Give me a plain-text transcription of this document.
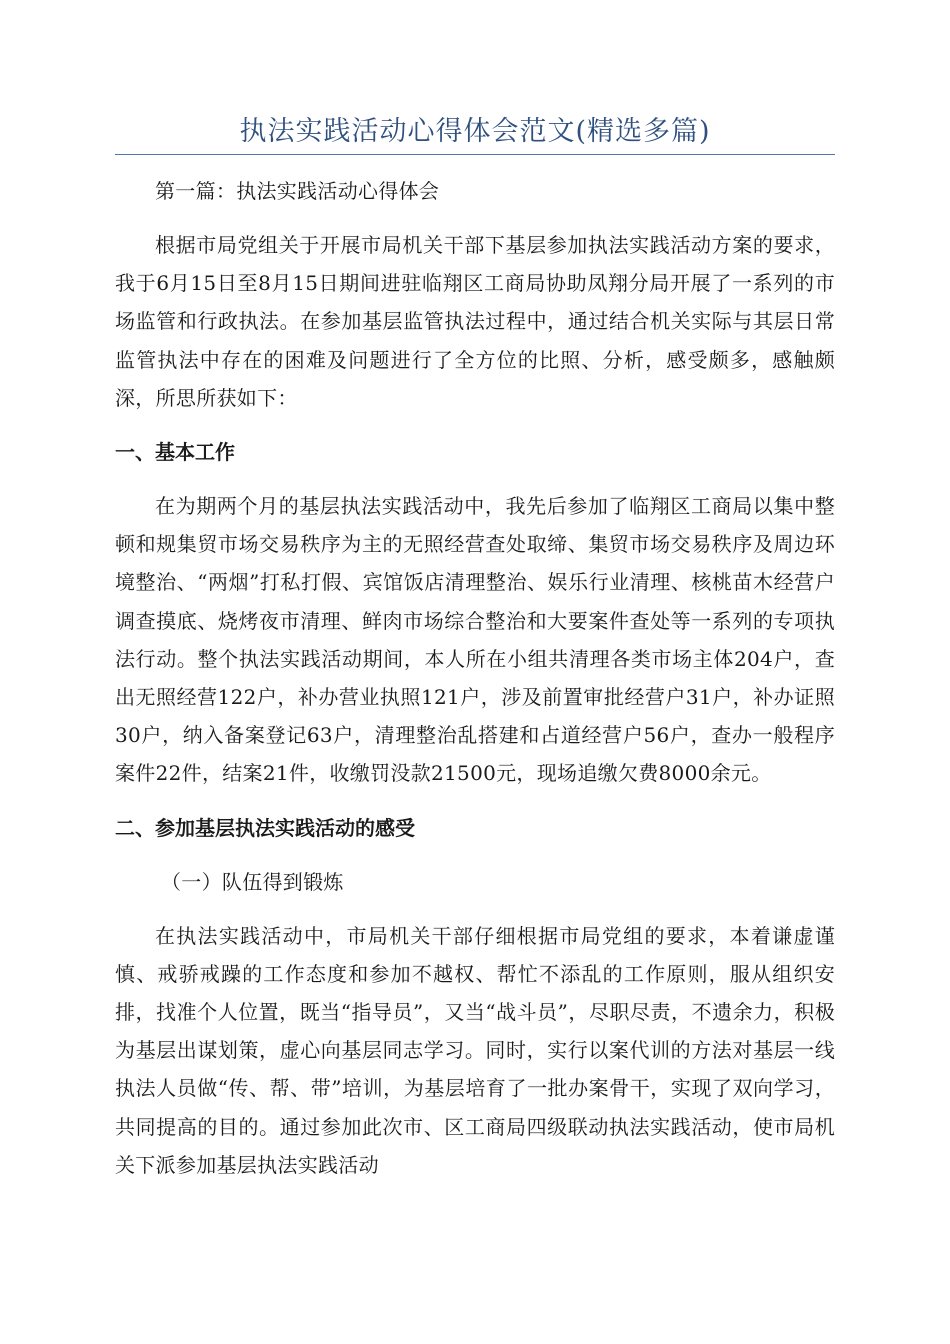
执法实践活动心得体会范文(精选多篇)

第一篇：执法实践活动心得体会

根据市局党组关于开展市局机关干部下基层参加执法实践活动方案的要求，我于6月15日至8月15日期间进驻临翔区工商局协助凤翔分局开展了一系列的市场监管和行政执法。在参加基层监管执法过程中，通过结合机关实际与其层日常监管执法中存在的困难及问题进行了全方位的比照、分析，感受颇多，感触颇深，所思所获如下：

一、基本工作

在为期两个月的基层执法实践活动中，我先后参加了临翔区工商局以集中整顿和规集贸市场交易秩序为主的无照经营查处取缔、集贸市场交易秩序及周边环境整治、“两烟”打私打假、宾馆饭店清理整治、娱乐行业清理、核桃苗木经营户调查摸底、烧烤夜市清理、鲜肉市场综合整治和大要案件查处等一系列的专项执法行动。整个执法实践活动期间，本人所在小组共清理各类市场主体204户，查出无照经营122户，补办营业执照121户，涉及前置审批经营户31户，补办证照30户，纳入备案登记63户，清理整治乱搭建和占道经营户56户，查办一般程序案件22件，结案21件，收缴罚没款21500元，现场追缴欠费8000余元。

二、参加基层执法实践活动的感受

（一）队伍得到锻炼

在执法实践活动中，市局机关干部仔细根据市局党组的要求，本着谦虚谨慎、戒骄戒躁的工作态度和参加不越权、帮忙不添乱的工作原则，服从组织安排，找准个人位置，既当“指导员”，又当“战斗员”，尽职尽责，不遗余力，积极为基层出谋划策，虚心向基层同志学习。同时，实行以案代训的方法对基层一线执法人员做“传、帮、带”培训，为基层培育了一批办案骨干，实现了双向学习，共同提高的目的。通过参加此次市、区工商局四级联动执法实践活动，使市局机关下派参加基层执法实践活动
